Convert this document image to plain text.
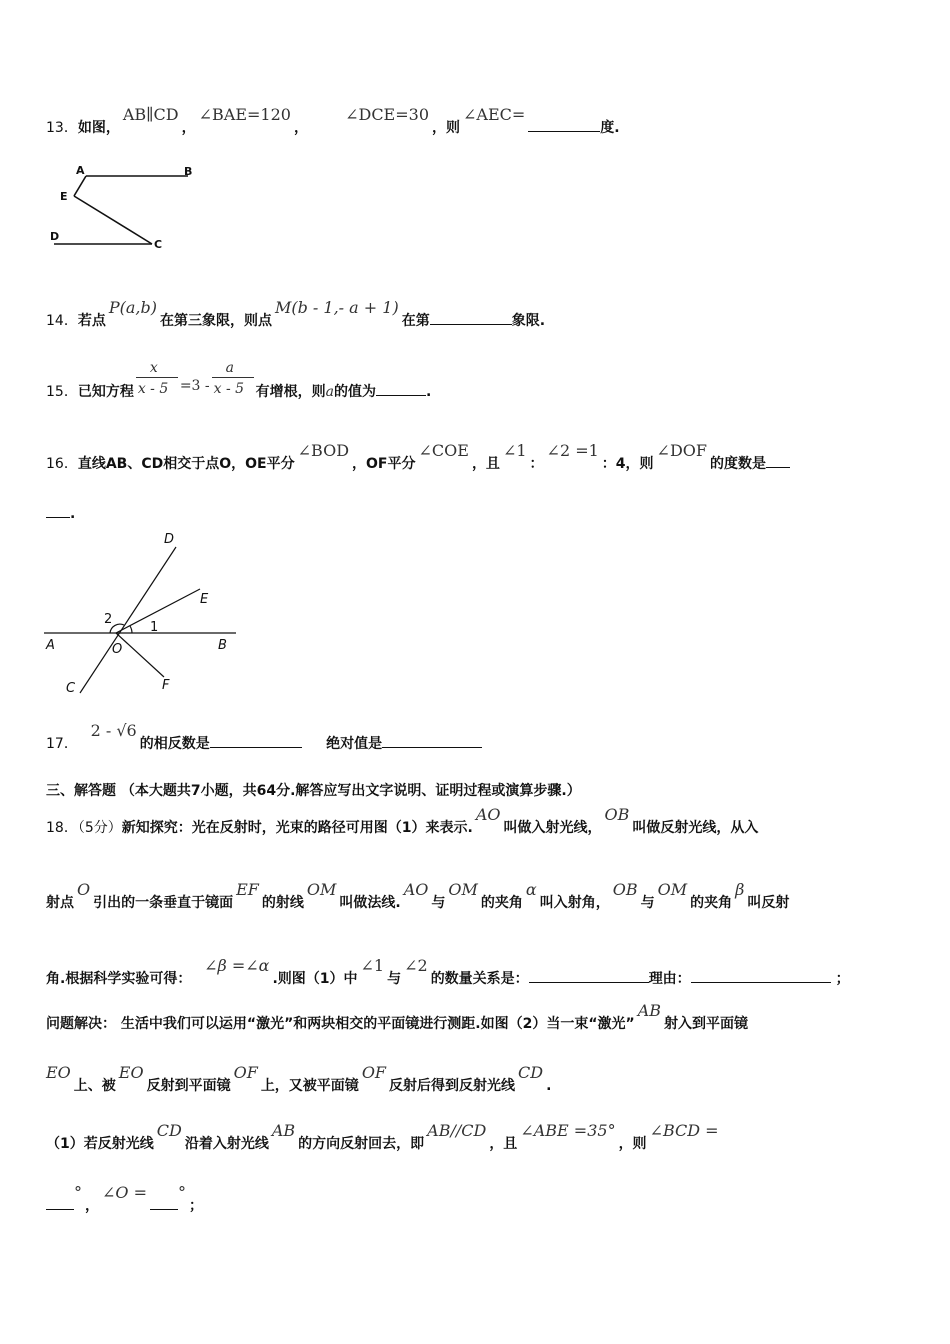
13．如图，AB∥CD，∠BAE=120，       ∠DCE=30，则∠AEC=度.
A	B
E
D
C
14．若点P(a,b)在第三象限，则点M(b - 1,- a + 1)在第	象限.
15．已知方程 $\frac{x}{x - 5} =3 - \frac{a}{x - 5}$ 有增根，则a的值为	.
16．直线AB、CD相交于点O，OE平分∠BOD，OF平分∠COE，且∠1：∠2 =1：4，则∠DOF的度数是
.
D
E
2
1
A	O	B
C	F
17．  2 - √6的相反数是	绝对值是
三、解答题 （本大题共7小题，共64分.解答应写出文字说明、证明过程或演算步骤.）
18．（5分）新知探究：光在反射时，光束的路径可用图（1）来表示.AO叫做入射光线，OB叫做反射光线，从入
射点O引出的一条垂直于镜面EF的射线OM叫做法线.AO与OM的夹角α叫入射角，OB与OM的夹角β叫反射
角.根据科学实验可得：  ∠β =∠α.则图（1）中∠1与∠2的数量关系是：	理由：	；
问题解决： 生活中我们可以运用“激光”和两块相交的平面镜进行测距.如图（2）当一束“激光”AB射入到平面镜
EO上、被EO反射到平面镜OF上，又被平面镜OF反射后得到反射光线CD.
（1）若反射光线CD沿着入射光线AB的方向反射回去，即AB//CD，且∠ABE =35°，则∠BCD =
°，∠O = °；
